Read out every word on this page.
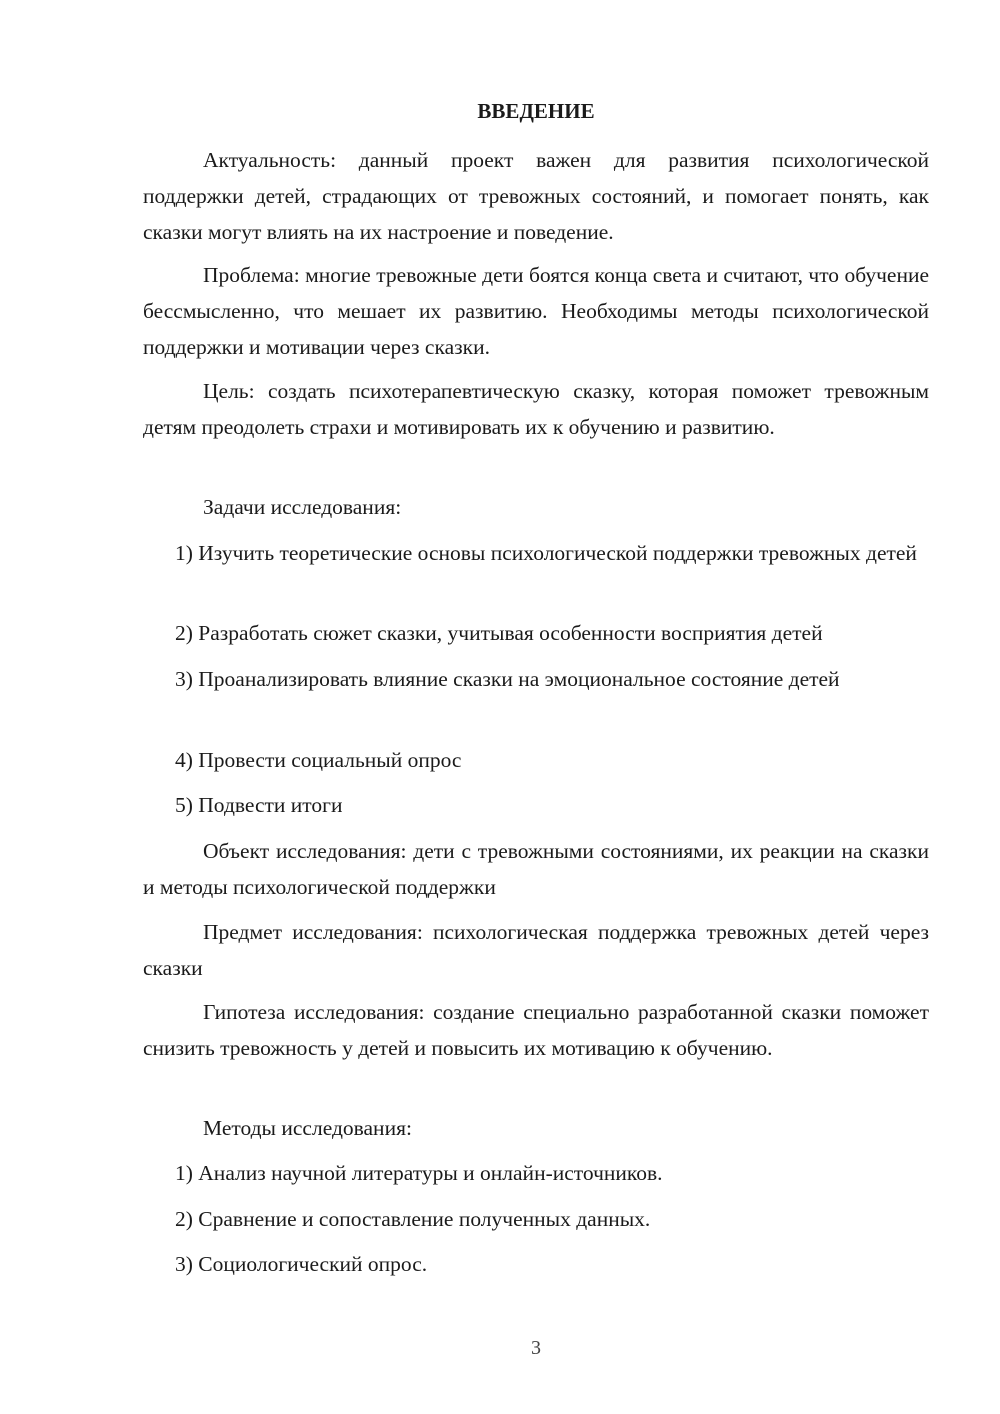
ВВЕДЕНИЕ
Актуальность: данный проект важен для развития психологической поддержки детей, страдающих от тревожных состояний, и помогает понять, как сказки могут влиять на их настроение и поведение.
Проблема: многие тревожные дети боятся конца света и считают, что обучение бессмысленно, что мешает их развитию. Необходимы методы психологической поддержки и мотивации через сказки.
Цель: создать психотерапевтическую сказку, которая поможет тревожным детям преодолеть страхи и мотивировать их к обучению и развитию.
Задачи исследования:
1) Изучить теоретические основы психологической поддержки тревожных детей
2) Разработать сюжет сказки, учитывая особенности восприятия детей
3) Проанализировать влияние сказки на эмоциональное состояние детей
4) Провести социальный опрос
5) Подвести итоги
Объект исследования: дети с тревожными состояниями, их реакции на сказки и методы психологической поддержки
Предмет исследования: психологическая поддержка тревожных детей через сказки
Гипотеза исследования: создание специально разработанной сказки поможет снизить тревожность у детей и повысить их мотивацию к обучению.
Методы исследования:
1) Анализ научной литературы и онлайн-источников.
2) Сравнение и сопоставление полученных данных.
3) Социологический опрос.
3
